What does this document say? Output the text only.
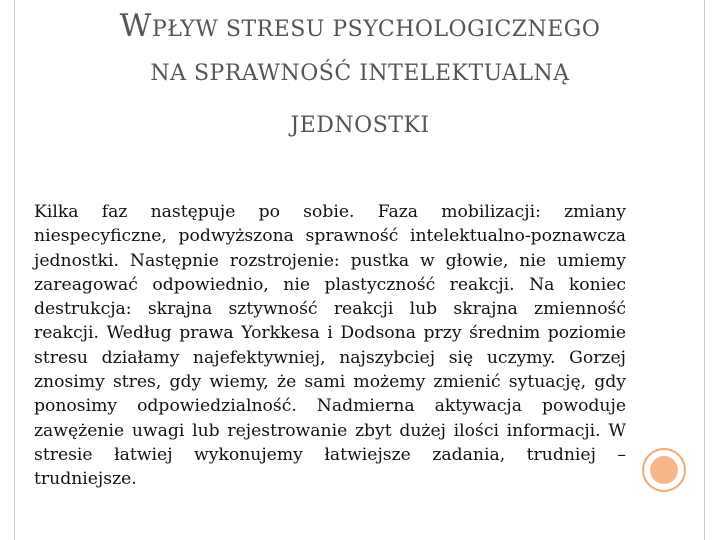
WPŁYW STRESU PSYCHOLOGICZNEGO
NA SPRAWNOŚĆ INTELEKTUALNĄ
JEDNOSTKI

Kilka faz następuje po sobie. Faza mobilizacji: zmiany niespecyficzne, podwyższona sprawność intelektualno-poznawcza jednostki. Następnie rozstrojenie: pustka w głowie, nie umiemy zareagować odpowiednio, nie plastyczność reakcji. Na koniec destrukcja: skrajna sztywność reakcji lub skrajna zmienność reakcji. Według prawa Yorkkesa i Dodsona przy średnim poziomie stresu działamy najefektywniej, najszybciej się uczymy. Gorzej znosimy stres, gdy wiemy, że sami możemy zmienić sytuację, gdy ponosimy odpowiedzialność. Nadmierna aktywacja powoduje zawężenie uwagi lub rejestrowanie zbyt dużej ilości informacji. W stresie łatwiej wykonujemy łatwiejsze zadania, trudniej – trudniejsze.
